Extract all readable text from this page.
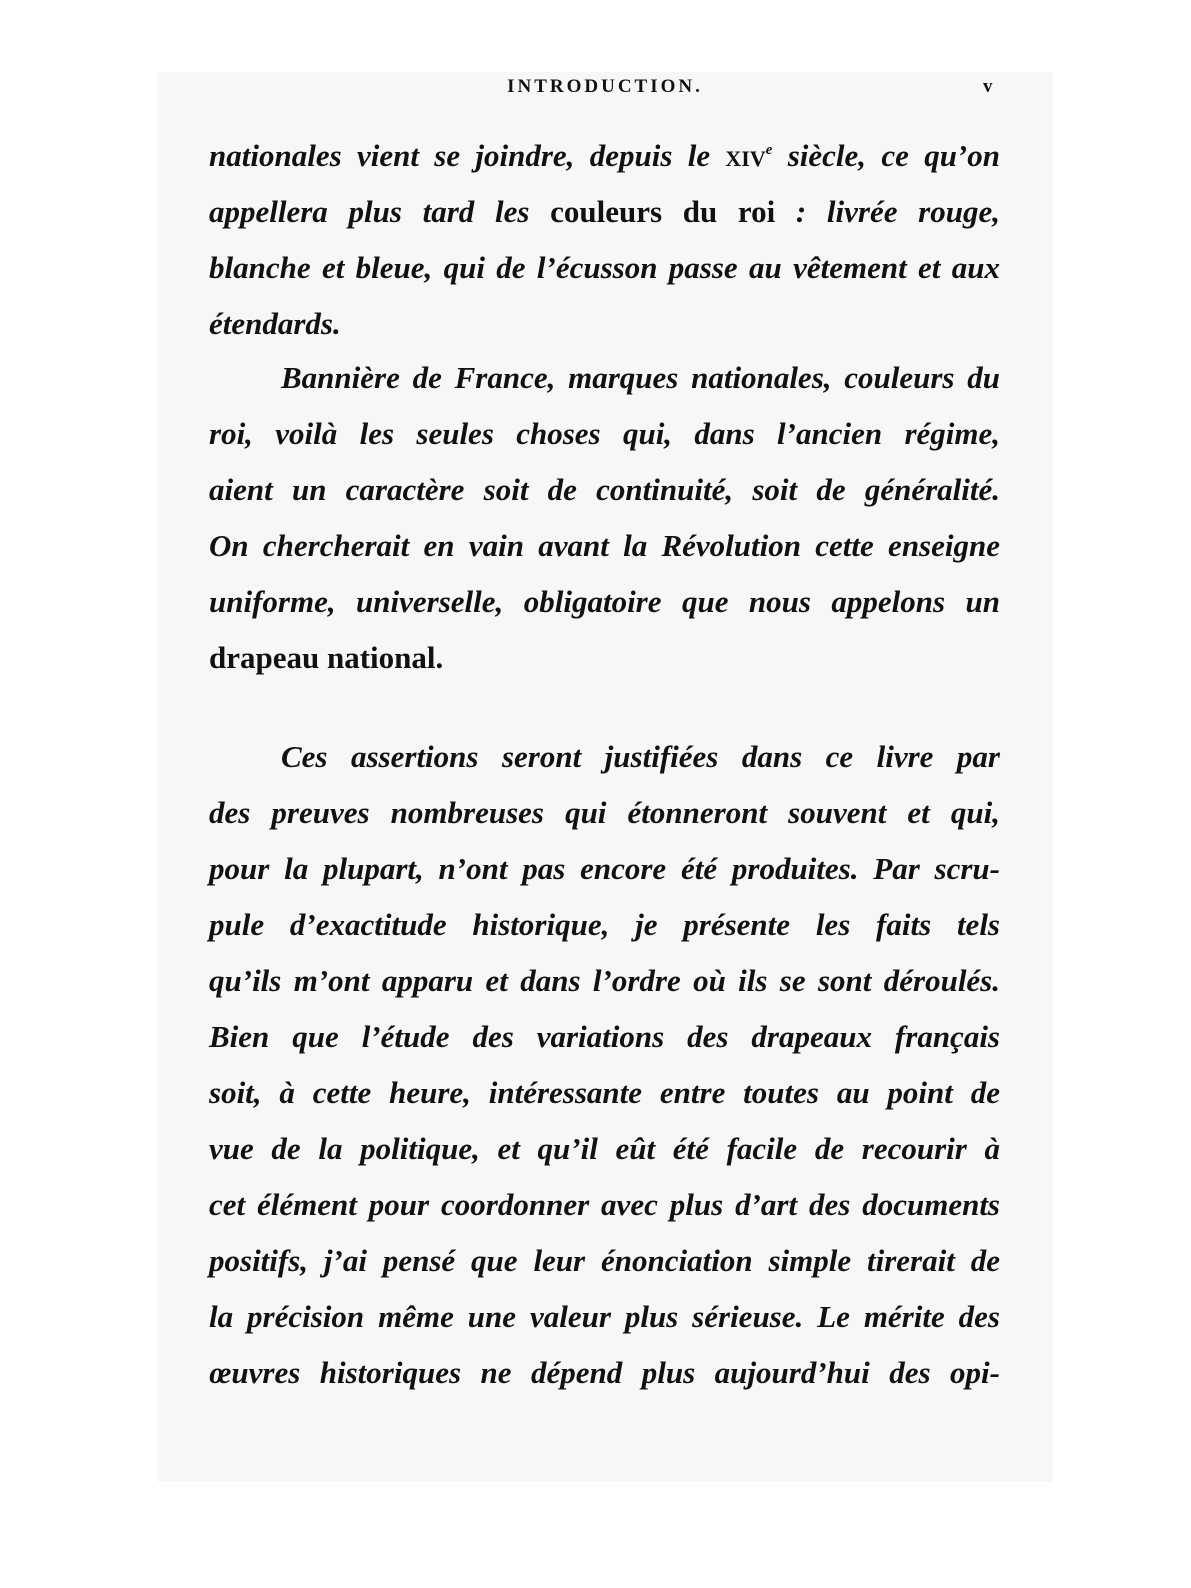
INTRODUCTION.	v
nationales vient se joindre, depuis le xiv$^e$ siècle, ce qu’on
appellera plus tard les couleurs du roi : livrée rouge,
blanche et bleue, qui de l’écusson passe au vêtement et aux
étendards.
Bannière de France, marques nationales, couleurs du
roi, voilà les seules choses qui, dans l’ancien régime,
aient un caractère soit de continuité, soit de généralité.
On chercherait en vain avant la Révolution cette enseigne
uniforme, universelle, obligatoire que nous appelons un
drapeau national.
Ces assertions seront justifiées dans ce livre par
des preuves nombreuses qui étonneront souvent et qui,
pour la plupart, n’ont pas encore été produites. Par scru-
pule d’exactitude historique, je présente les faits tels
qu’ils m’ont apparu et dans l’ordre où ils se sont déroulés.
Bien que l’étude des variations des drapeaux français
soit, à cette heure, intéressante entre toutes au point de
vue de la politique, et qu’il eût été facile de recourir à
cet élément pour coordonner avec plus d’art des documents
positifs, j’ai pensé que leur énonciation simple tirerait de
la précision même une valeur plus sérieuse. Le mérite des
œuvres historiques ne dépend plus aujourd’hui des opi-
